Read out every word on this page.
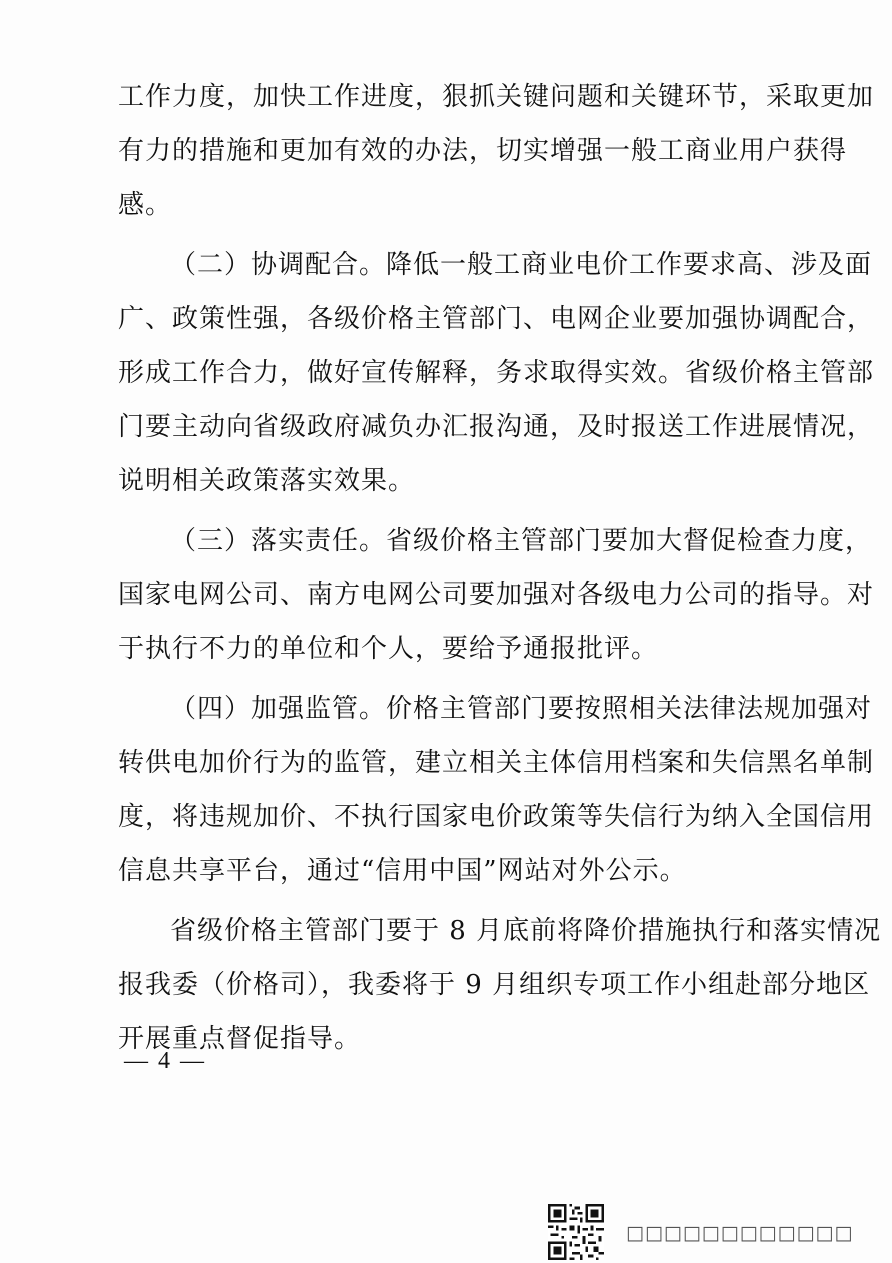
工作力度，加快工作进度，狠抓关键问题和关键环节，采取更加
有力的措施和更加有效的办法，切实增强一般工商业用户获得
感。
（二）协调配合。降低一般工商业电价工作要求高、涉及面
广、政策性强，各级价格主管部门、电网企业要加强协调配合，
形成工作合力，做好宣传解释，务求取得实效。省级价格主管部
门要主动向省级政府减负办汇报沟通，及时报送工作进展情况，
说明相关政策落实效果。
（三）落实责任。省级价格主管部门要加大督促检查力度，
国家电网公司、南方电网公司要加强对各级电力公司的指导。对
于执行不力的单位和个人，要给予通报批评。
（四）加强监管。价格主管部门要按照相关法律法规加强对
转供电加价行为的监管，建立相关主体信用档案和失信黑名单制
度，将违规加价、不执行国家电价政策等失信行为纳入全国信用
信息共享平台，通过“信用中国”网站对外公示。
省级价格主管部门要于 8 月底前将降价措施执行和落实情况
报我委（价格司），我委将于 9 月组织专项工作小组赴部分地区
开展重点督促指导。
— 4 —
□□□□□□□□□□□□
